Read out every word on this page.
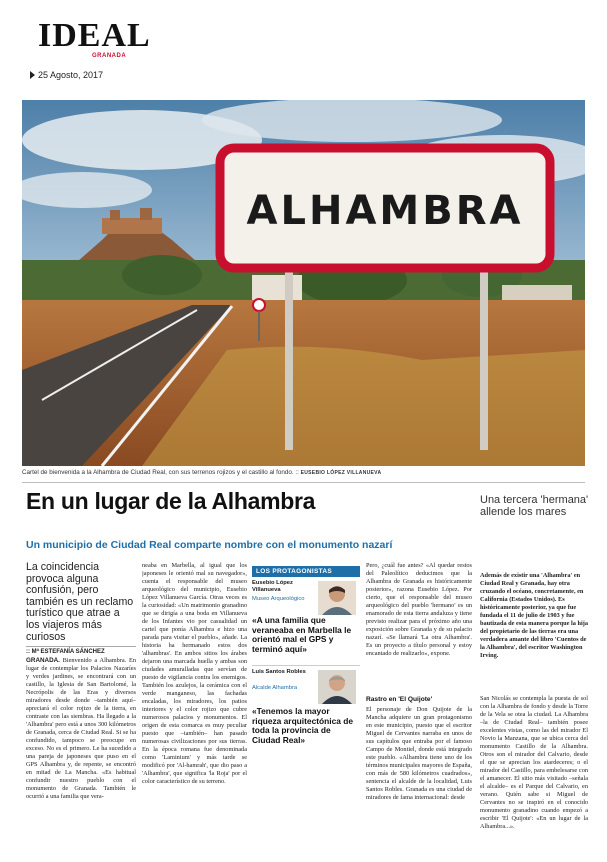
IDEAL
GRANADA
25 Agosto, 2017
ALHAMBRA
Cartel de bienvenida a la Alhambra de Ciudad Real, con sus terrenos rojizos y el castillo al fondo. :: EUSEBIO LÓPEZ VILLANUEVA
En un lugar de la Alhambra	Una tercera 'hermana' allende los mares
Un municipio de Ciudad Real comparte nombre con el monumento nazarí
La coincidencia provoca alguna confusión, pero también es un reclamo turístico que atrae a los viajeros más curiosos
:: Mª ESTEFANÍA SÁNCHEZ
GRANADA. Bienvenido a Alhambra. En lugar de contemplar los Palacios Nazaríes y verdes jardines, se encontrará con un castillo, la Iglesia de San Bartolomé, la Necrópolis de las Eras y diversos miradores desde donde –también aquí– apreciará el color rojizo de la tierra, en contraste con las siembras. Ha llegado a la 'Alhambra' pero está a unos 300 kilómetros de Granada, cerca de Ciudad Real. Si se ha confundido, tampoco se preocupe en exceso. No es el primero. Le ha sucedido a una pareja de japoneses que puso en el GPS Alhambra y, de repente, se encontró en mitad de La Mancha. «Es habitual confundir nuestro pueblo con el monumento de Granada. También le ocurrió a una familia que vera-
neaba en Marbella, al igual que los japoneses le orientó mal su navegador», cuenta el responsable del museo arqueológico del municipio, Eusebio López Villanueva García. Otras veces es la curiosidad: «Un matrimonio granadino que se dirigía a una boda en Villanueva de los Infantes vio por casualidad un cartel que ponía Alhambra e hizo una parada para visitar el pueblo», añade. La historia ha hermanado estos dos 'alhambras'. En ambos sitios los árabes dejaron una marcada huella y ambas son ciudades amuralladas que servían de puesto de vigilancia contra los enemigos. También los azulejos, la cerámica con el verde manganeso, las fachadas encaladas, los miradores, los patios interiores y el color rojizo que cubre numerosos palacios y monumentos. El origen de esta comarca es muy peculiar puesto que –también– han pasado numerosas civilizaciones por sus tierras. En la época romana fue denominada como 'Laminium' y más tarde se modificó por 'Al-hamrah', que dio paso a 'Alhambra', que significa 'la Roja' por el color característico de su terreno.
LOS PROTAGONISTAS
Eusebio López Villanueva
Museo Arqueológico
«A una familia que veraneaba en Marbella le orientó mal el GPS y terminó aquí»
Luis Santos Robles
Alcalde Alhambra
«Tenemos la mayor riqueza arquitectónica de toda la provincia de Ciudad Real»
Pero, ¿cuál fue antes? «Al quedar restos del Paleolítico deducimos que la Alhambra de Granada es históricamente posterior», razona Eusebio López. Por cierto, que el responsable del museo arqueológico del pueblo 'hermano' es un enamorado de esta tierra andaluza y tiene previsto realizar para el próximo año una exposición sobre Granada y de su palacio nazarí. «Se llamará 'La otra Alhambra'. Es un proyecto a título personal y estoy encantado de realizarlo», expone.
Rastro en 'El Quijote'
El personaje de Don Quijote de la Mancha adquiere un gran protagonismo en este municipio, puesto que el escritor Miguel de Cervantes narraba en unos de sus capítulos que entraba por el famoso Campo de Montiel, donde está integrado este pueblo. «Alhambra tiene uno de los términos municipales mayores de España, con más de 580 kilómetros cuadrados», sentencia el alcalde de la localidad, Luis Santos Robles. Granada es una ciudad de miradores de fama internacional: desde
Además de existir una 'Alhambra' en Ciudad Real y Granada, hay otra cruzando el océano, concretamente, en California (Estados Unidos). Es históricamente posterior, ya que fue fundada el 11 de julio de 1903 y fue bautizada de esta manera porque la hija del propietario de las tierras era una verdadera amante del libro 'Cuentos de la Alhambra', del escritor Washington Irving.
San Nicolás se contempla la puesta de sol con la Alhambra de fondo y desde la Torre de la Vela se otea la ciudad. La Alhambra –la de Ciudad Real– también posee excelentes vistas, como las del mirador El Novio la Manzana, que se ubica cerca del monumento Castillo de la Alhambra. Otros son el mirador del Calvario, desde el que se aprecian los atardeceres; o el mirador del Castillo, para embelesarse con el amanecer. El sitio más visitado –señala el alcalde– es el Parque del Calvario, en verano. Quién sabe si Miguel de Cervantes no se inspiró en el conocido monumento granadino cuando empezó a escribir 'El Quijote': «En un lugar de la Alhambra...».
